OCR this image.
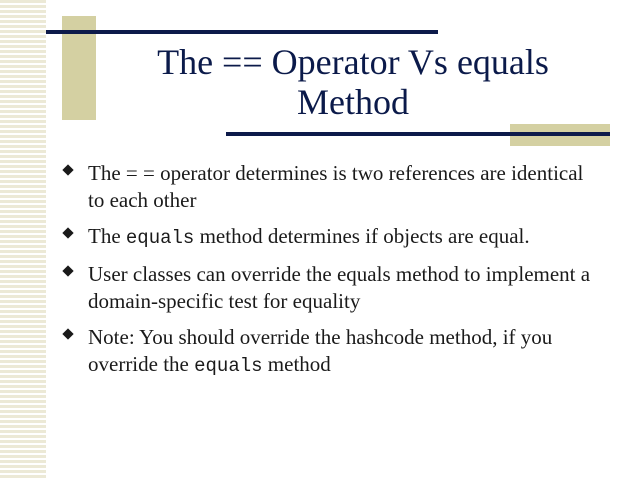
The == Operator Vs equals
Method
The = = operator determines is two references are identical to each other
The equals method determines if objects are equal.
User classes can override the equals method to implement a domain-specific test for equality
Note: You should override the hashcode method, if you override the equals method
